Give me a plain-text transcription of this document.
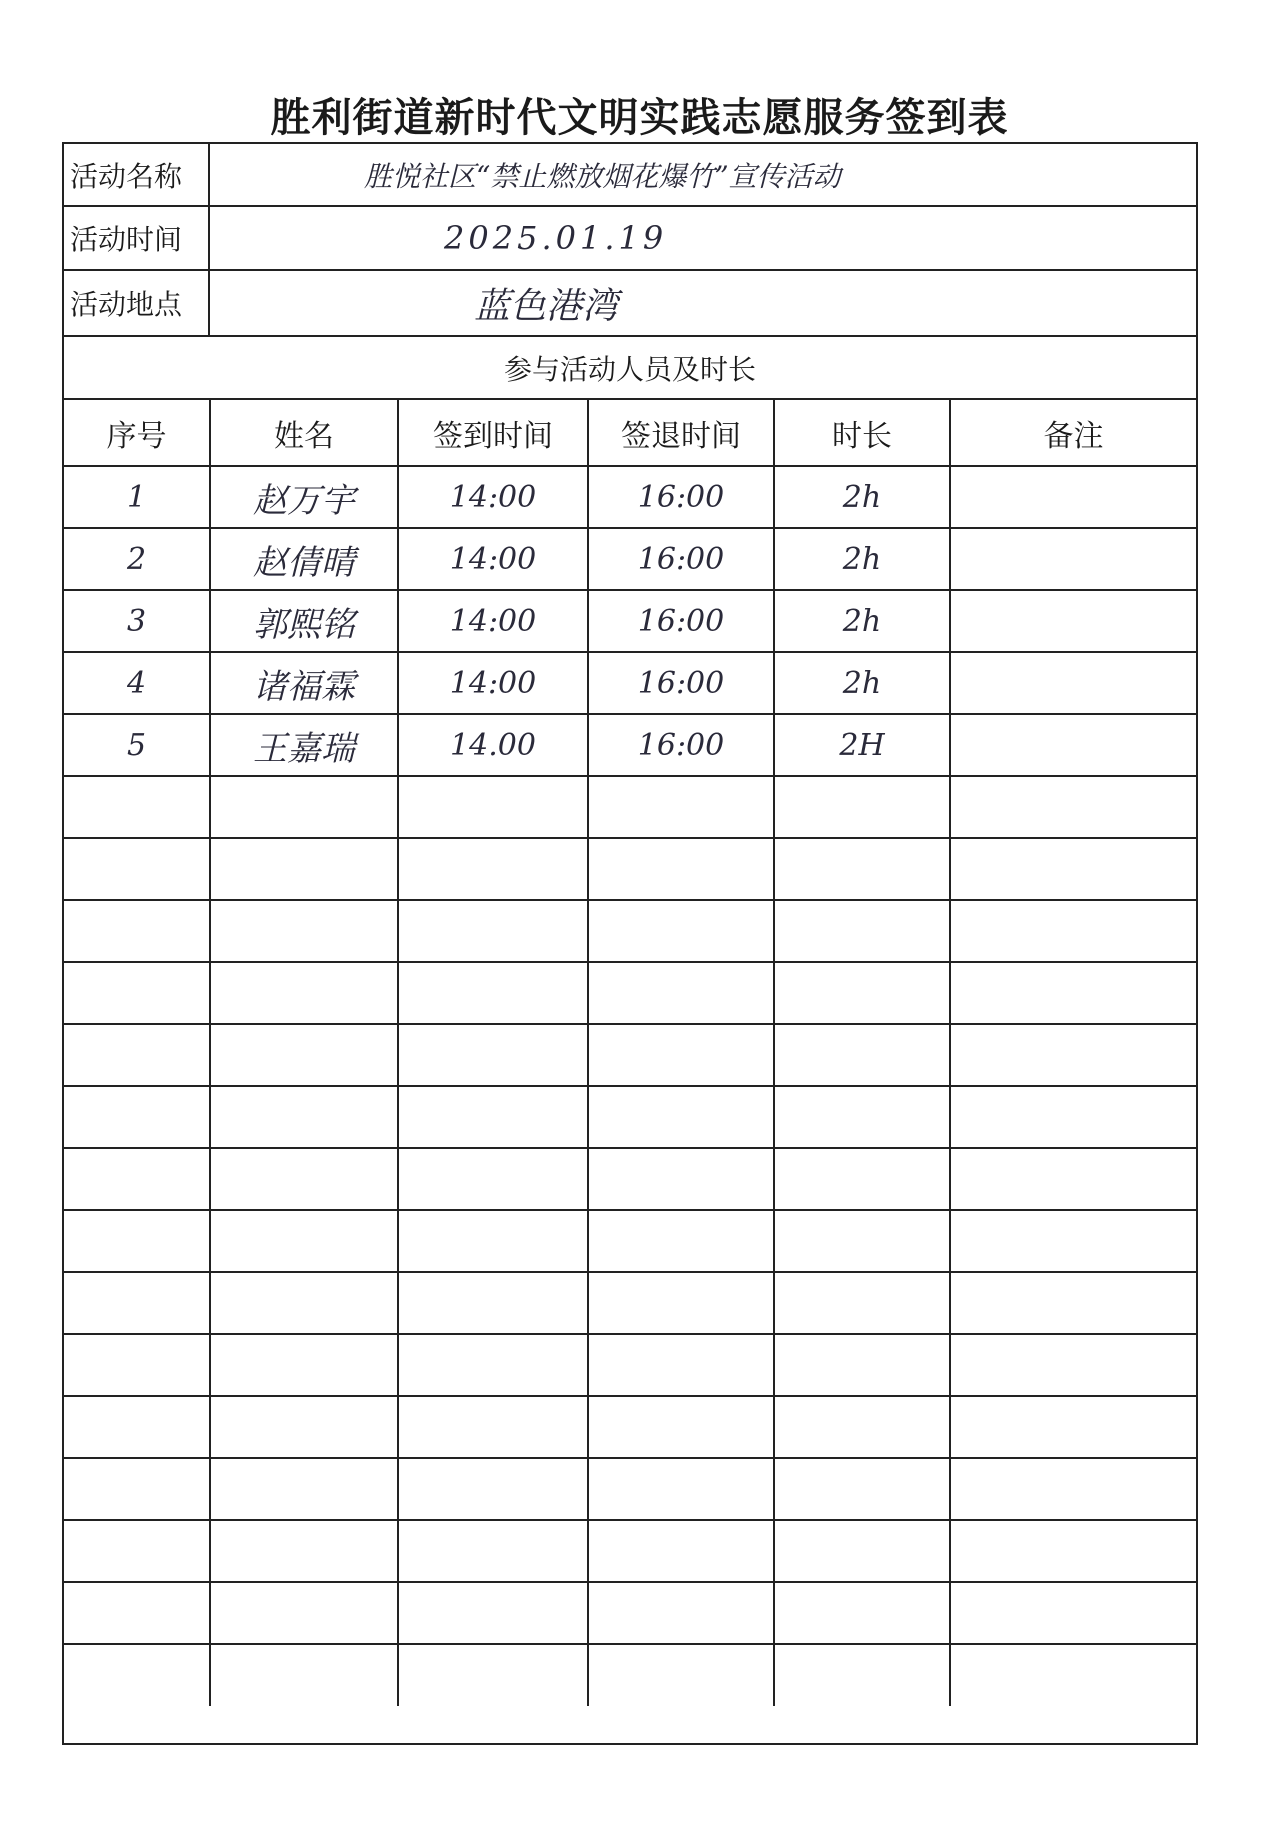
胜利街道新时代文明实践志愿服务签到表
活动名称	胜悦社区“禁止燃放烟花爆竹”宣传活动
活动时间	2025.01.19
活动地点	蓝色港湾
参与活动人员及时长
序号	姓名	签到时间	签退时间	时长	备注
1	赵万宇	14:00	16:00	2h	
2	赵倩晴	14:00	16:00	2h	
3	郭熙铭	14:00	16:00	2h	
4	诸福霖	14:00	16:00	2h	
5	王嘉瑞	14.00	16:00	2H	
